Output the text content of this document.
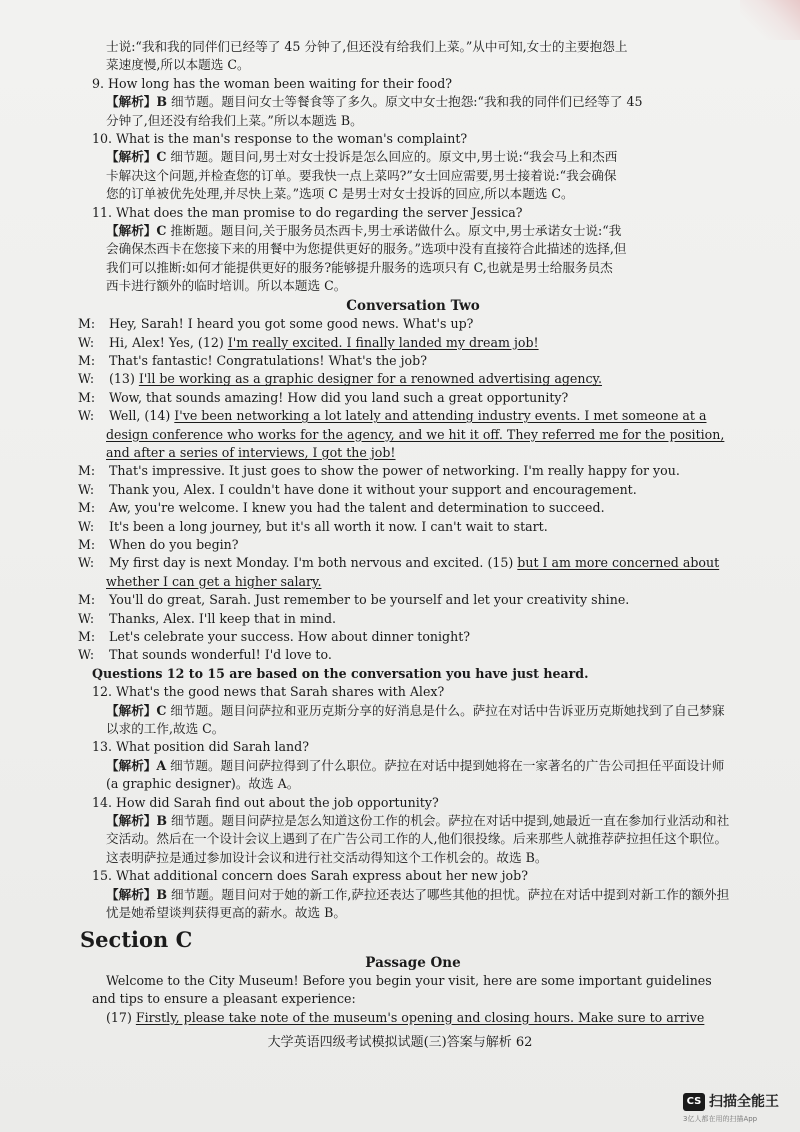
士说:“我和我的同伴们已经等了 45 分钟了,但还没有给我们上菜。”从中可知,女士的主要抱怨上

菜速度慢,所以本题选 C。

9. How long has the woman been waiting for their food?

【解析】B 细节题。题目问女士等餐食等了多久。原文中女士抱怨:“我和我的同伴们已经等了 45

分钟了,但还没有给我们上菜。”所以本题选 B。

10. What is the man's response to the woman's complaint?

【解析】C 细节题。题目问,男士对女士投诉是怎么回应的。原文中,男士说:“我会马上和杰西

卡解决这个问题,并检查您的订单。要我快一点上菜吗?”女士回应需要,男士接着说:“我会确保

您的订单被优先处理,并尽快上菜。”选项 C 是男士对女士投诉的回应,所以本题选 C。

11. What does the man promise to do regarding the server Jessica?

【解析】C 推断题。题目问,关于服务员杰西卡,男士承诺做什么。原文中,男士承诺女士说:“我

会确保杰西卡在您接下来的用餐中为您提供更好的服务。”选项中没有直接符合此描述的选择,但

我们可以推断:如何才能提供更好的服务?能够提升服务的选项只有 C,也就是男士给服务员杰

西卡进行额外的临时培训。所以本题选 C。

Conversation Two

M: Hey, Sarah! I heard you got some good news. What's up?

W: Hi, Alex! Yes, (12) I'm really excited. I finally landed my dream job!

M: That's fantastic! Congratulations! What's the job?

W: (13) I'll be working as a graphic designer for a renowned advertising agency.

M: Wow, that sounds amazing! How did you land such a great opportunity?

W: Well, (14) I've been networking a lot lately and attending industry events. I met someone at a design conference who works for the agency, and we hit it off. They referred me for the position, and after a series of interviews, I got the job!

M: That's impressive. It just goes to show the power of networking. I'm really happy for you.

W: Thank you, Alex. I couldn't have done it without your support and encouragement.

M: Aw, you're welcome. I knew you had the talent and determination to succeed.

W: It's been a long journey, but it's all worth it now. I can't wait to start.

M: When do you begin?

W: My first day is next Monday. I'm both nervous and excited. (15) but I am more concerned about whether I can get a higher salary.

M: You'll do great, Sarah. Just remember to be yourself and let your creativity shine.

W: Thanks, Alex. I'll keep that in mind.

M: Let's celebrate your success. How about dinner tonight?

W: That sounds wonderful! I'd love to.

Questions 12 to 15 are based on the conversation you have just heard.

12. What's the good news that Sarah shares with Alex?

【解析】C 细节题。题目问萨拉和亚历克斯分享的好消息是什么。萨拉在对话中告诉亚历克斯她找到了自己梦寐以求的工作,故选 C。

13. What position did Sarah land?

【解析】A 细节题。题目问萨拉得到了什么职位。萨拉在对话中提到她将在一家著名的广告公司担任平面设计师(a graphic designer)。故选 A。

14. How did Sarah find out about the job opportunity?

【解析】B 细节题。题目问萨拉是怎么知道这份工作的机会。萨拉在对话中提到,她最近一直在参加行业活动和社交活动。然后在一个设计会议上遇到了在广告公司工作的人,他们很投缘。后来那些人就推荐萨拉担任这个职位。这表明萨拉是通过参加设计会议和进行社交活动得知这个工作机会的。故选 B。

15. What additional concern does Sarah express about her new job?

【解析】B 细节题。题目问对于她的新工作,萨拉还表达了哪些其他的担忧。萨拉在对话中提到对新工作的额外担忧是她希望谈判获得更高的薪水。故选 B。

Section C
Passage One

Welcome to the City Museum! Before you begin your visit, here are some important guidelines and tips to ensure a pleasant experience:

(17) Firstly, please take note of the museum's opening and closing hours. Make sure to arrive

大学英语四级考试模拟试题(三)答案与解析 62
CS 扫描全能王
3亿人都在用的扫描App
